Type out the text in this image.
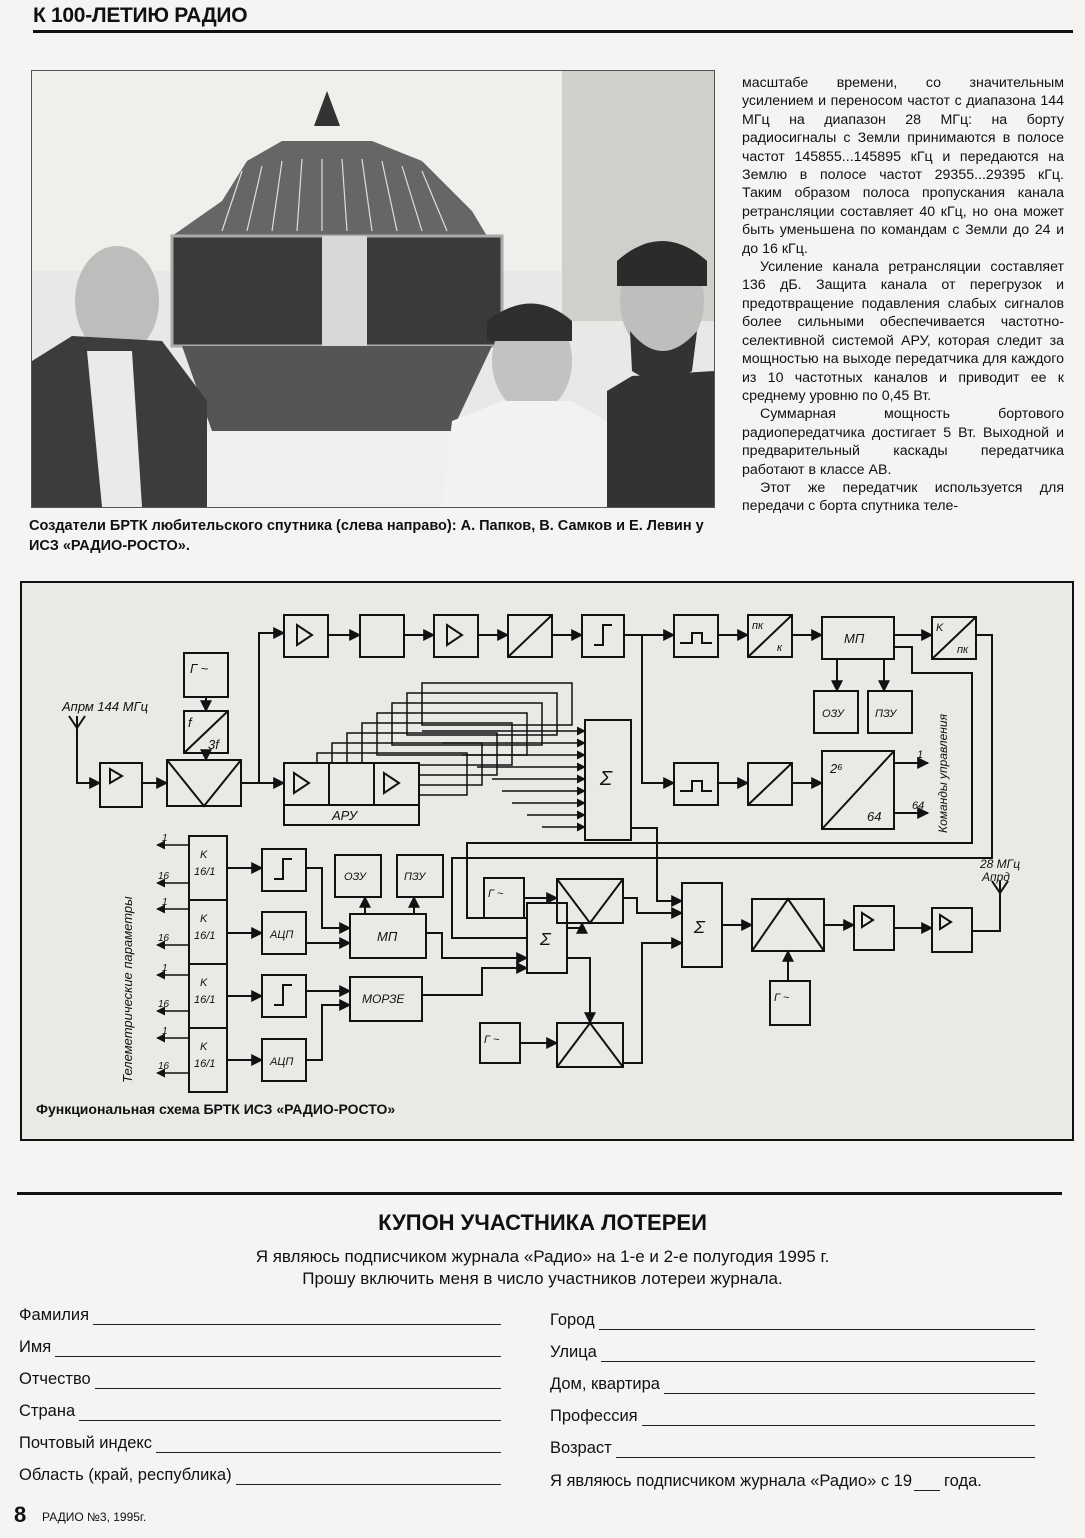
К 100-ЛЕТИЮ РАДИО
Создатели БРТК любительского спутника (слева направо): А. Папков, В. Самков и Е. Левин у ИСЗ «РАДИО-РОСТО».

масштабе времени, со значительным усилением и переносом частот с диапазона 144 МГц на диапазон 28 МГц: на борту радиосигналы с Земли принимаются в полосе частот 145855...145895 кГц и передаются на Землю в полосе частот 29355...29395 кГц. Таким образом полоса пропускания канала ретрансляции составляет 40 кГц, но она может быть уменьшена по командам с Земли до 24 и до 16 кГц.

Усиление канала ретрансляции составляет 136 дБ. Защита канала от перегрузок и предотвращение подавления слабых сигналов более сильными обеспечивается частотно-селективной системой АРУ, которая следит за мощностью на выходе передатчика для каждого из 10 частотных каналов и приводит ее к среднему уровню по 0,45 Вт.

Суммарная мощность бортового радиопередатчика достигает 5 Вт. Выходной и предварительный каскады передатчика работают в классе АВ.

Этот же передатчик используется для передачи с борта спутника теле-

Aпрм 144 МГц
Г ~
f
3f
АРУ
Σ
МП
ОЗУ	ПЗУ
пк
к
K
пк
2⁶
64
1
64 Команды управления
28 МГц
Aпрд
Телеметрические параметры
K
16/1
K
16/1
K
16/1
K
16/1
1
16
1
16
1
16
1
16
АЦП
АЦП
ОЗУ	ПЗУ
МП
МОРЗЕ
Σ
Σ
Г ~
Г ~
Г ~
Функциональная схема БРТК ИСЗ «РАДИО-РОСТО»
КУПОН УЧАСТНИКА ЛОТЕРЕИ
Я являюсь подписчиком журнала «Радио» на 1-е и 2-е полугодия 1995 г.
Прошу включить меня в число участников лотереи журнала.
Фамилия
Имя
Отчество
Страна
Почтовый индекс
Область (край, республика)
Город
Улица
Дом, квартира
Профессия
Возраст
Я являюсь подписчиком журнала «Радио» с 19 года.
8 РАДИО №3, 1995г.
